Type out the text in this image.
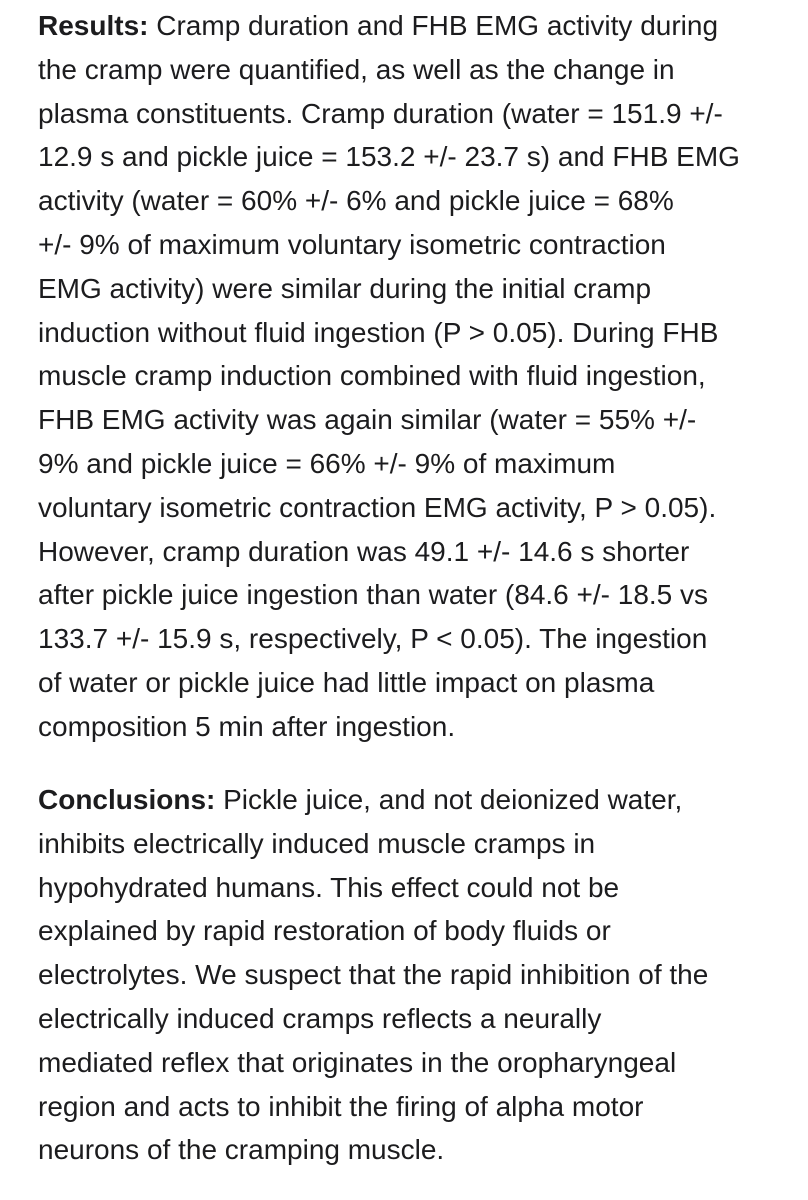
Results: Cramp duration and FHB EMG activity during
the cramp were quantified, as well as the change in
plasma constituents. Cramp duration (water = 151.9 +/-
12.9 s and pickle juice = 153.2 +/- 23.7 s) and FHB EMG
activity (water = 60% +/- 6% and pickle juice = 68%
+/- 9% of maximum voluntary isometric contraction
EMG activity) were similar during the initial cramp
induction without fluid ingestion (P > 0.05). During FHB
muscle cramp induction combined with fluid ingestion,
FHB EMG activity was again similar (water = 55% +/-
9% and pickle juice = 66% +/- 9% of maximum
voluntary isometric contraction EMG activity, P > 0.05).
However, cramp duration was 49.1 +/- 14.6 s shorter
after pickle juice ingestion than water (84.6 +/- 18.5 vs
133.7 +/- 15.9 s, respectively, P < 0.05). The ingestion
of water or pickle juice had little impact on plasma
composition 5 min after ingestion.

Conclusions: Pickle juice, and not deionized water,
inhibits electrically induced muscle cramps in
hypohydrated humans. This effect could not be
explained by rapid restoration of body fluids or
electrolytes. We suspect that the rapid inhibition of the
electrically induced cramps reflects a neurally
mediated reflex that originates in the oropharyngeal
region and acts to inhibit the firing of alpha motor
neurons of the cramping muscle.
